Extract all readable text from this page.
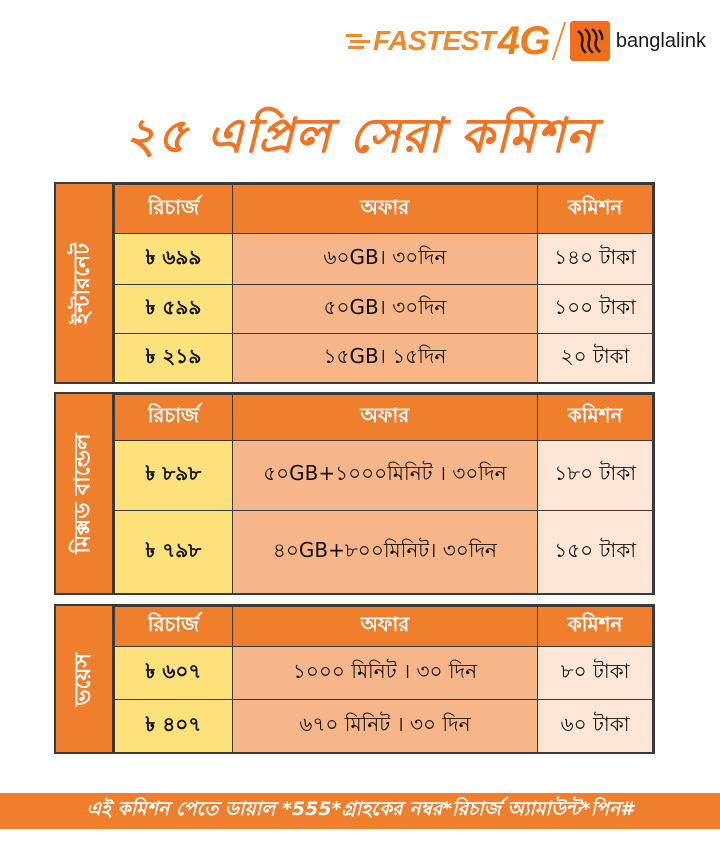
FASTEST 4G	banglalink
২৫ এপ্রিল সেরা কমিশন
ইন্টারনেট
রিচার্জ	অফার	কমিশন
৳ ৬৯৯	৬০GB। ৩০দিন	১৪০ টাকা
৳ ৫৯৯	৫০GB। ৩০দিন	১০০ টাকা
৳ ২১৯	১৫GB। ১৫দিন	২০ টাকা
মিক্সড বান্ডেল
রিচার্জ	অফার	কমিশন
৳ ৮৯৮	৫০GB+১০০০মিনিট । ৩০দিন	১৮০ টাকা
৳ ৭৯৮	৪০GB+৮০০মিনিট। ৩০দিন	১৫০ টাকা
ভয়েস
রিচার্জ	অফার	কমিশন
৳ ৬০৭	১০০০ মিনিট । ৩০ দিন	৮০ টাকা
৳ ৪০৭	৬৭০ মিনিট । ৩০ দিন	৬০ টাকা
এই কমিশন পেতে ডায়াল *555*গ্রাহকের নম্বর*রিচার্জ অ্যামাউন্ট*পিন#
